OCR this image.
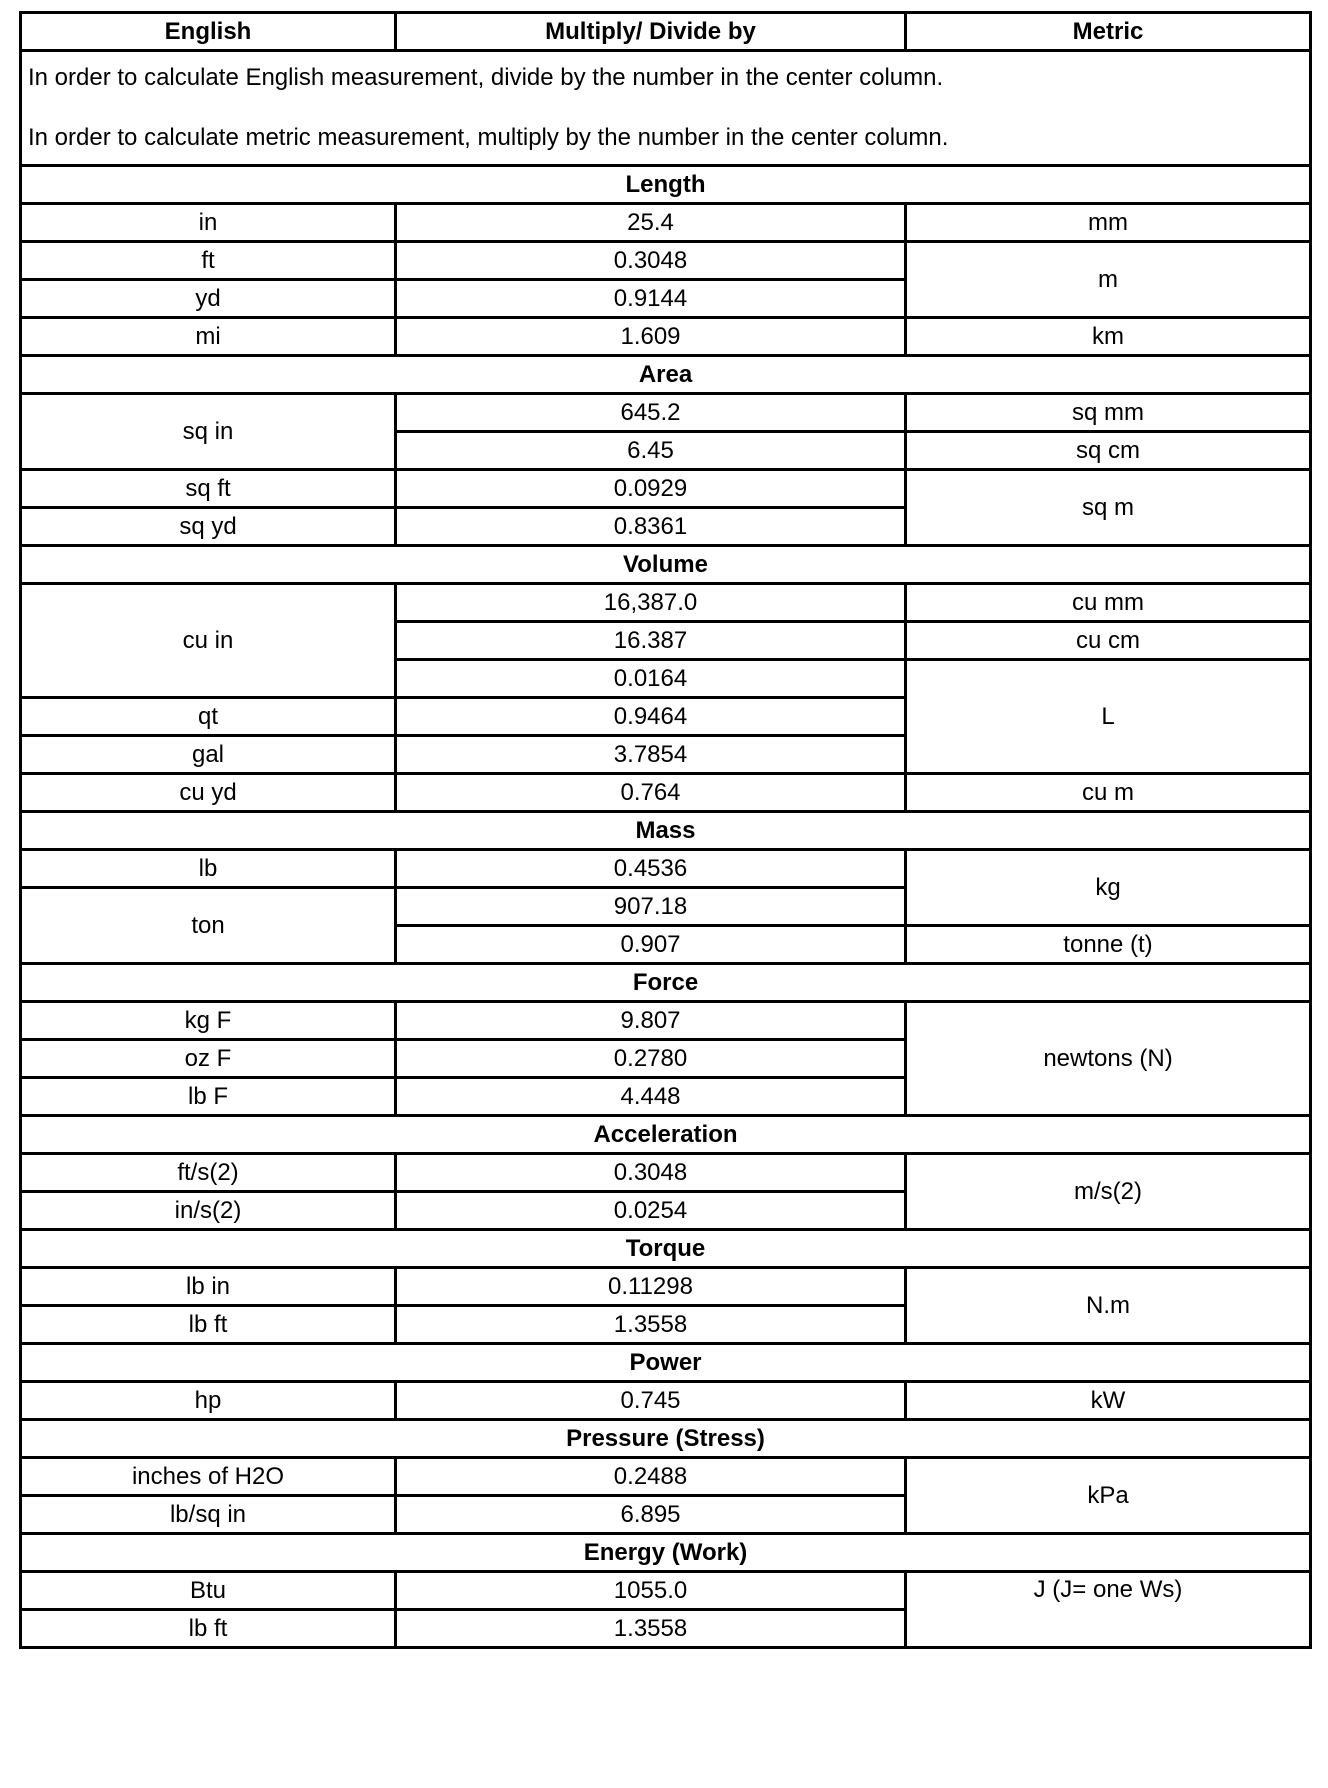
English	Multiply/ Divide by	Metric

In order to calculate English measurement, divide by the number in the center column.
In order to calculate metric measurement, multiply by the number in the center column.		

Length		
in	25.4	mm
ft	0.3048	m
yd	0.9144	
mi	1.609	km
Area		
sq in	645.2	sq mm
	6.45	sq cm
sq ft	0.0929	sq m
sq yd	0.8361	
Volume		
cu in	16,387.0	cu mm
	16.387	cu cm
	0.0164	L
qt	0.9464	
gal	3.7854	
cu yd	0.764	cu m
Mass		
lb	0.4536	kg
ton	907.18	
	0.907	tonne (t)
Force		
kg F	9.807	newtons (N)
oz F	0.2780	
lb F	4.448	
Acceleration		
ft/s(2)	0.3048	m/s(2)
in/s(2)	0.0254	
Torque		
lb in	0.11298	N.m
lb ft	1.3558	
Power		
hp	0.745	kW
Pressure (Stress)		
inches of H2O	0.2488	kPa
lb/sq in	6.895	
Energy (Work)		
Btu	1055.0	J (J= one Ws)
lb ft	1.3558	
